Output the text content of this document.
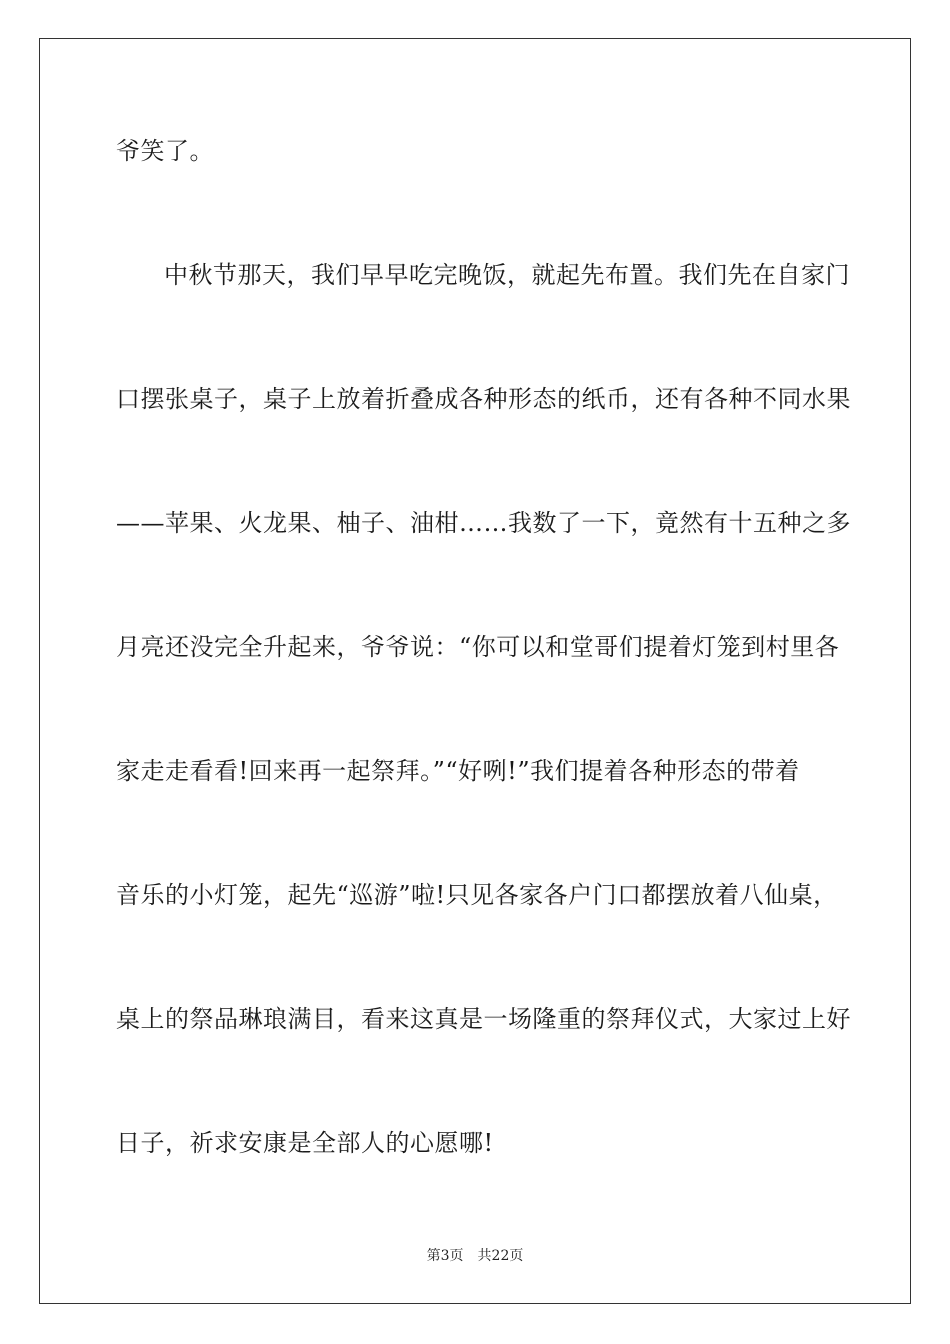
爷笑了。
中秋节那天，我们早早吃完晚饭，就起先布置。我们先在自家门
口摆张桌子，桌子上放着折叠成各种形态的纸币，还有各种不同水果
——苹果、火龙果、柚子、油柑……我数了一下，竟然有十五种之多
月亮还没完全升起来，爷爷说：“你可以和堂哥们提着灯笼到村里各
家走走看看!回来再一起祭拜。”“好咧!”我们提着各种形态的带着
音乐的小灯笼，起先“巡游”啦!只见各家各户门口都摆放着八仙桌，
桌上的祭品琳琅满目，看来这真是一场隆重的祭拜仪式，大家过上好
日子，祈求安康是全部人的心愿哪!
第3页 共22页
